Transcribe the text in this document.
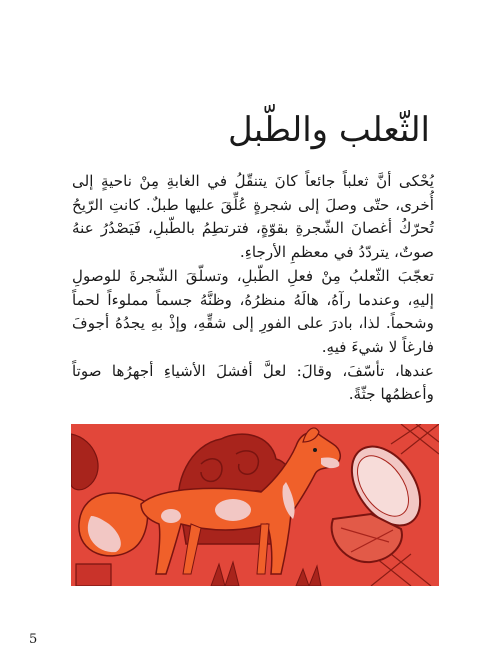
الثّعلب والطّبل

يُحْكى أنَّ ثعلباً جائعاً كانَ يتنقّلُ في الغابةِ مِنْ ناحيةٍ إلى أُخرى، حتّى وصلَ إلى شجرةٍ عُلِّقَ عليها طبلٌ. كانتِ الرّيحُ تُحرّكُ أغصانَ الشّجرةِ بقوّةٍ، فترتطِمُ بالطّبلِ، فَيَصْدُرُ عنهُ صوتٌ، يتردّدُ في معظمِ الأرجاءِ.

تعجّبَ الثّعلبُ مِنْ فعلِ الطّبلِ، وتسلّقَ الشّجرةَ للوصولِ إليهِ، وعندما رآهُ، هالَهُ منظرُهُ، وظنَّهُ جسماً مملوءاً لحماً وشحماً. لذا، بادرَ على الفورِ إلى شقِّهِ، وإذْ بهِ يجدُهُ أجوفَ فارغاً لا شيءَ فيهِ.

عندها، تأسّفَ، وقالَ: لعلَّ أفشلَ الأشياءِ أجهرُها صوتاً وأعظمُها جثّةً.

5
